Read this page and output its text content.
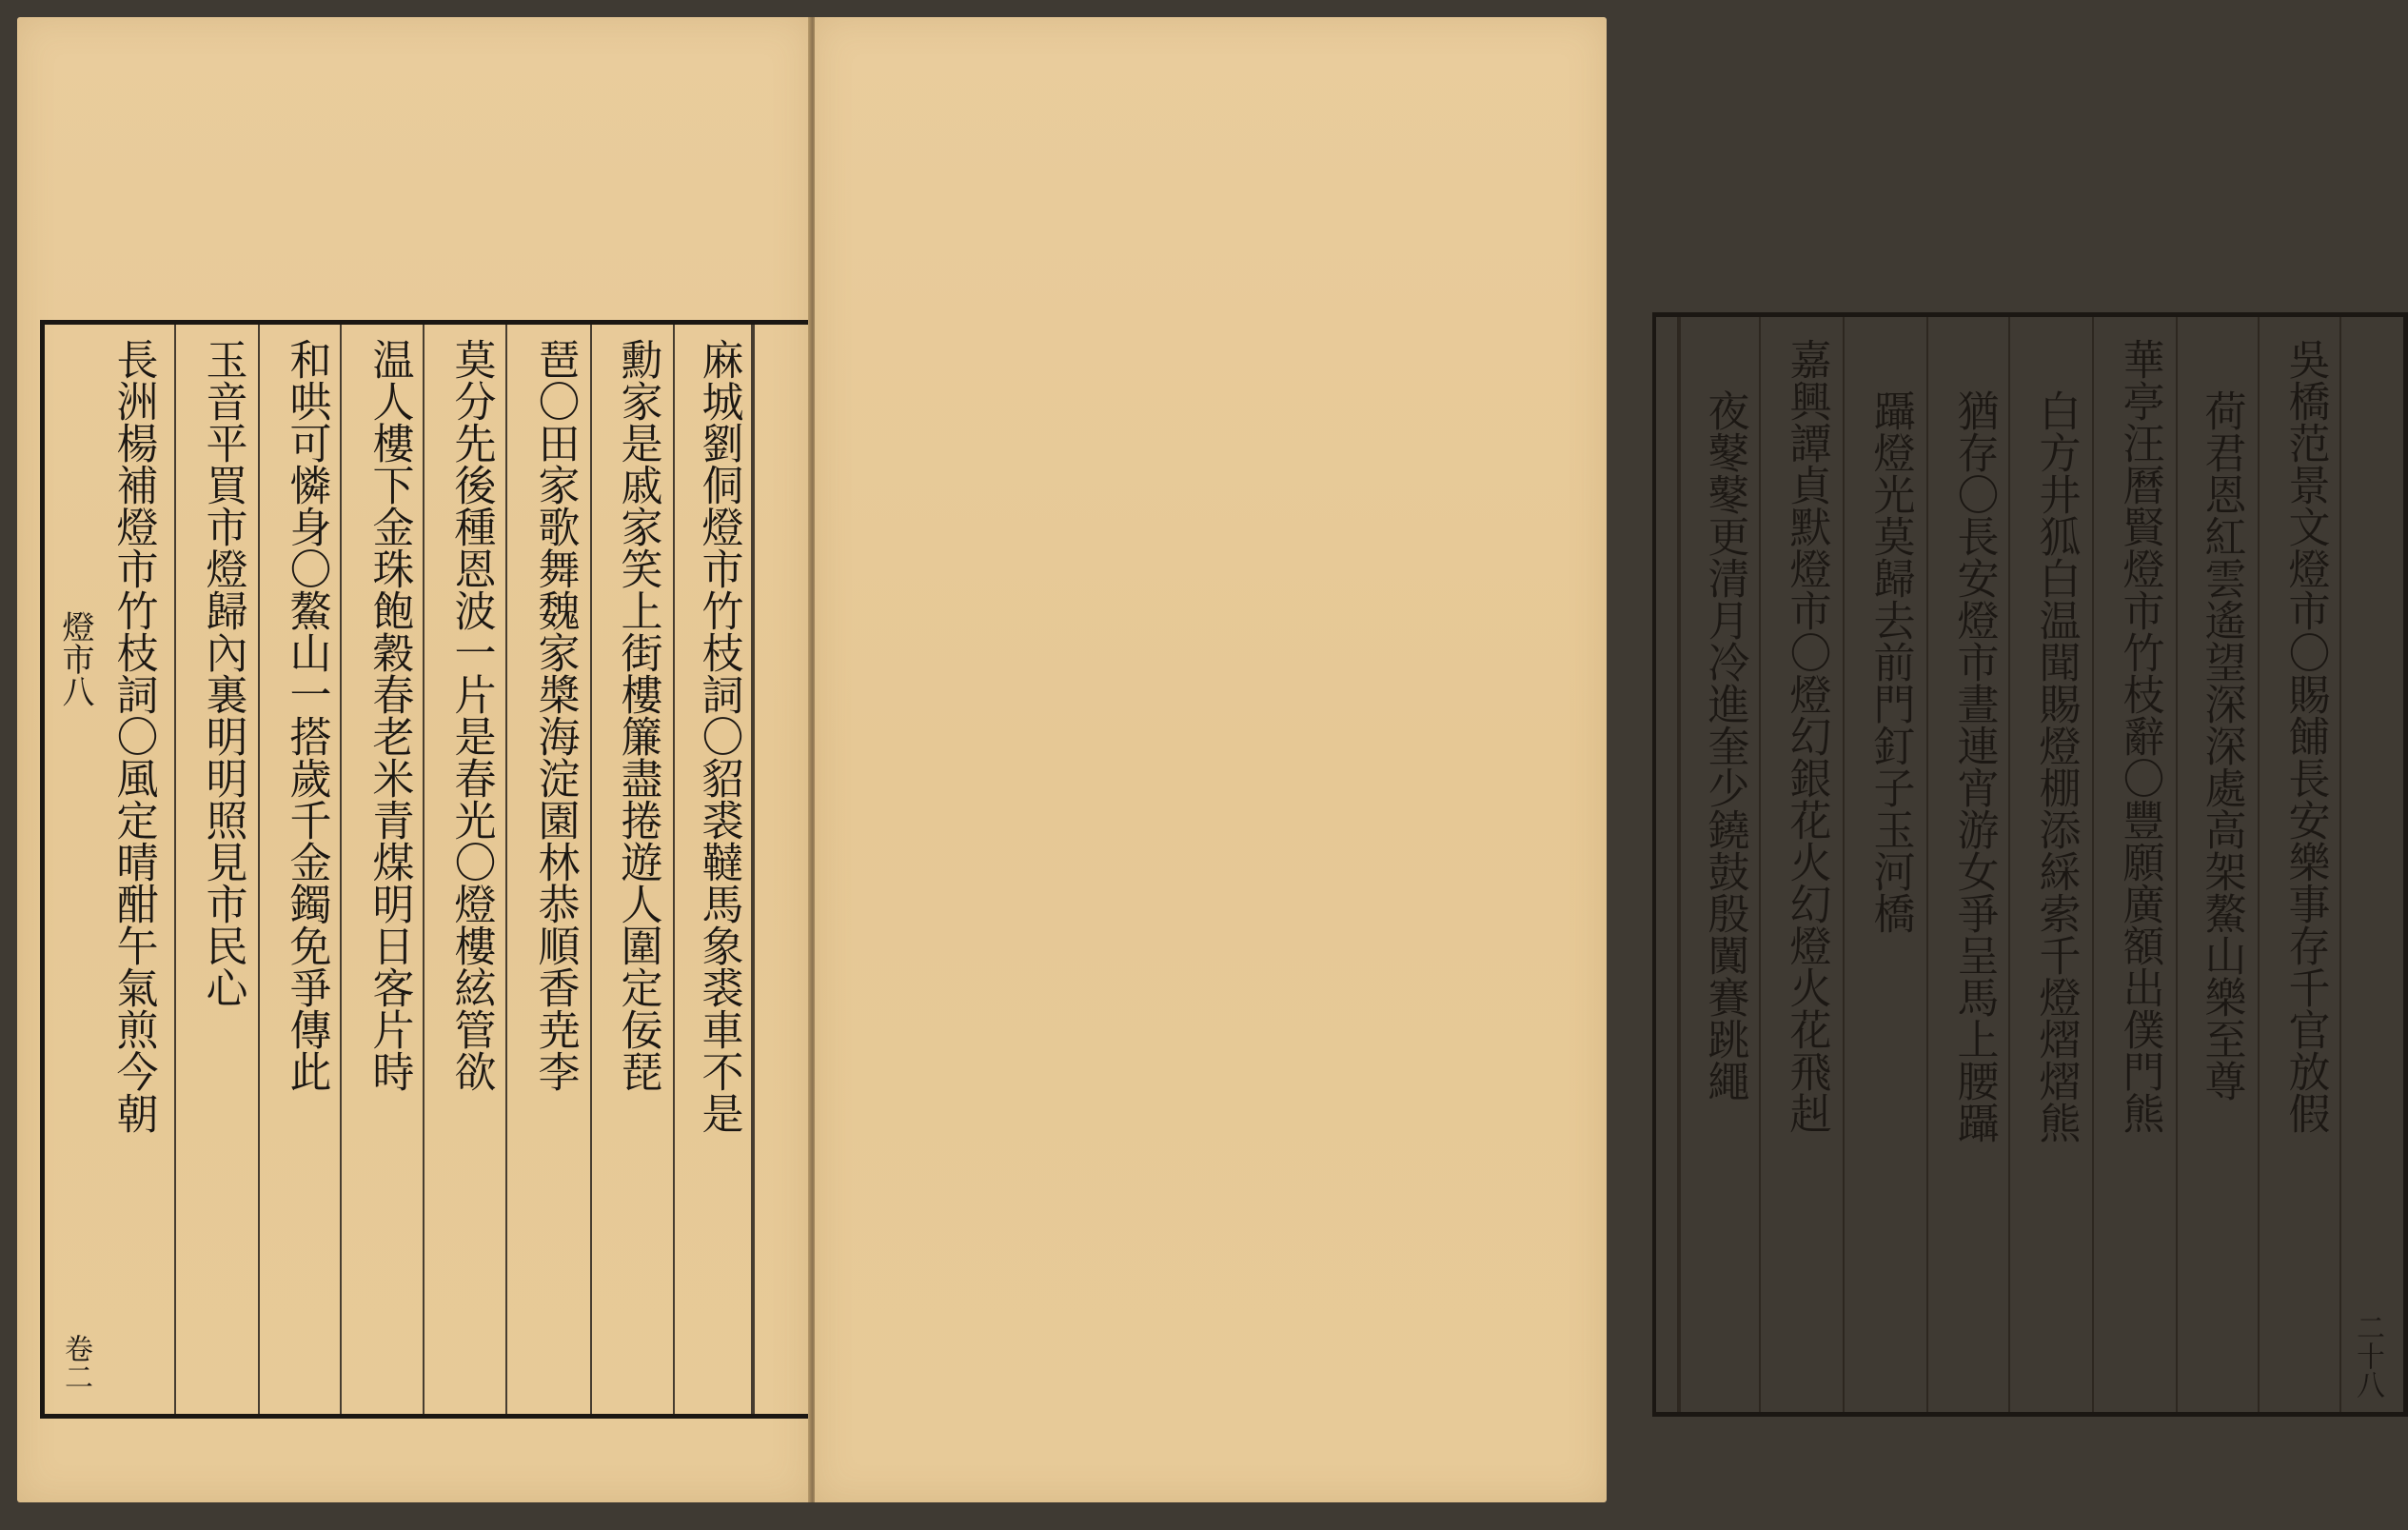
麻城劉侗燈市竹枝詞〇貂裘韃馬象裘車不是
勳家是戚家笑上街樓簾盡捲遊人圍定佞琵
琶〇田家歌舞魏家槳海淀園林恭順香尭李
莫分先後種恩波一片是春光〇燈樓絃管欲
温人樓下金珠飽穀春老米青煤明日客片時
和哄可憐身〇鰲山一搭歲千金鐲免爭傳此
玉音平買市燈歸內裏明明照見市民心
長洲楊補燈市竹枝詞〇風定晴酣午氣煎今朝
燈市八
卷二
吳橋范景文燈市〇賜餔長安樂事存千官放假
荷君恩紅雲遙望深深處高架鰲山樂至尊
華亭汪曆賢燈市竹枝辭〇豐願廣額出僕門熊
白方井狐白温聞賜燈棚添綵索千燈熠熠熊
猶存〇長安燈市晝連宵游女爭呈馬上腰躡
躡燈光莫歸去前門釘子玉河橋
嘉興譚貞默燈市〇燈幻銀花火幻燈火花飛赳
夜鼕鼕更清月冷進奎少鐃鼓殷闐賽跳繩
二十八
